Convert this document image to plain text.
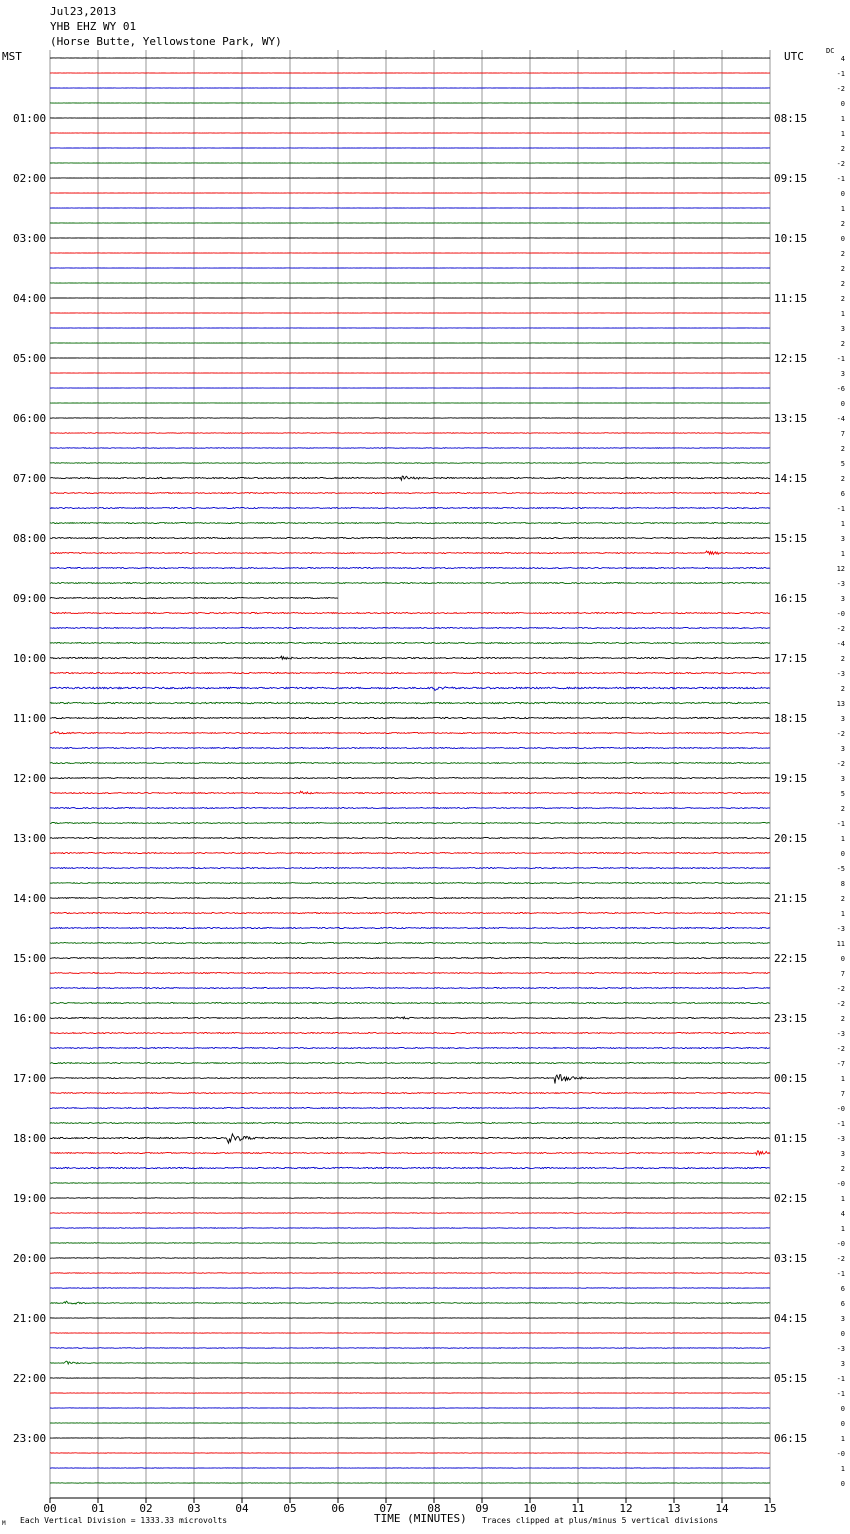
Jul23,2013
YHB EHZ WY 01
(Horse Butte, Yellowstone Park, WY)
MST	UTC	DC
01:00
02:00
03:00
04:00
05:00
06:00
07:00
08:00
09:00
10:00
11:00
12:00
13:00
14:00
15:00
16:00
17:00
18:00
19:00
20:00
21:00
22:00
23:00
08:15
09:15
10:15
11:15
12:15
13:15
14:15
15:15
16:15
17:15
18:15
19:15
20:15
21:15
22:15
23:15
00:15
01:15
02:15
03:15
04:15
05:15
06:15
4
-1
-2
0
1
1
2
-2
-1
0
1
2
0
2
2
2
2
1
3
2
-1
3
-6
0
-4
7
2
5
2
6
-1
1
3
1
12
-3
3
-0
-2
-4
2
-3
2
13
3
-2
3
-2
3
5
2
-1
1
0
-5
8
2
1
-3
11
0
7
-2
-2
2
-3
-2
-7
1
7
-0
-1
-3
3
2
-0
1
4
1
-0
-2
-1
6
6
3
0
-3
3
-1
-1
0
0
1
-0
1
0
00	01	02	03	04	05	06	07	08	09	10	11	12	13	14	15
TIME (MINUTES)
Each Vertical Division = 1333.33 microvolts	Traces clipped at plus/minus 5 vertical divisions
M
